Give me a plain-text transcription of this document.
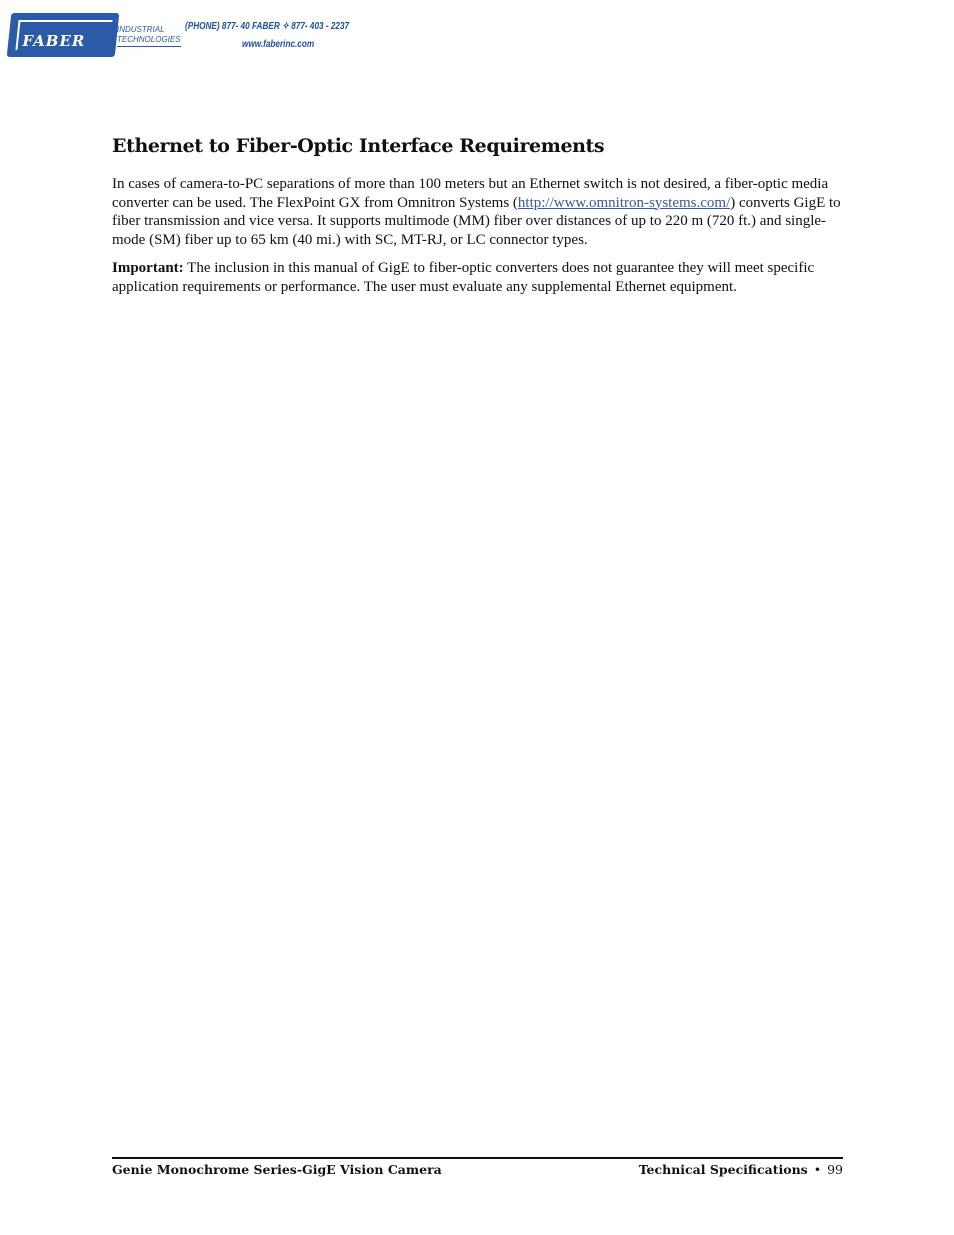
FABER
INDUSTRIAL
TECHNOLOGIES
(PHONE) 877- 40 FABER ✧ 877- 403 - 2237
www.faberinc.com
Ethernet to Fiber-Optic Interface Requirements

In cases of camera-to-PC separations of more than 100 meters but an Ethernet switch is not desired, a fiber-optic media converter can be used. The FlexPoint GX from Omnitron Systems (http://www.omnitron-systems.com/) converts GigE to fiber transmission and vice versa. It supports multimode (MM) fiber over distances of up to 220 m (720 ft.) and single-mode (SM) fiber up to 65 km (40 mi.) with SC, MT-RJ, or LC connector types.

Important: The inclusion in this manual of GigE to fiber-optic converters does not guarantee they will meet specific application requirements or performance. The user must evaluate any supplemental Ethernet equipment.

Genie Monochrome Series-GigE Vision Camera	Technical Specifications • 99
